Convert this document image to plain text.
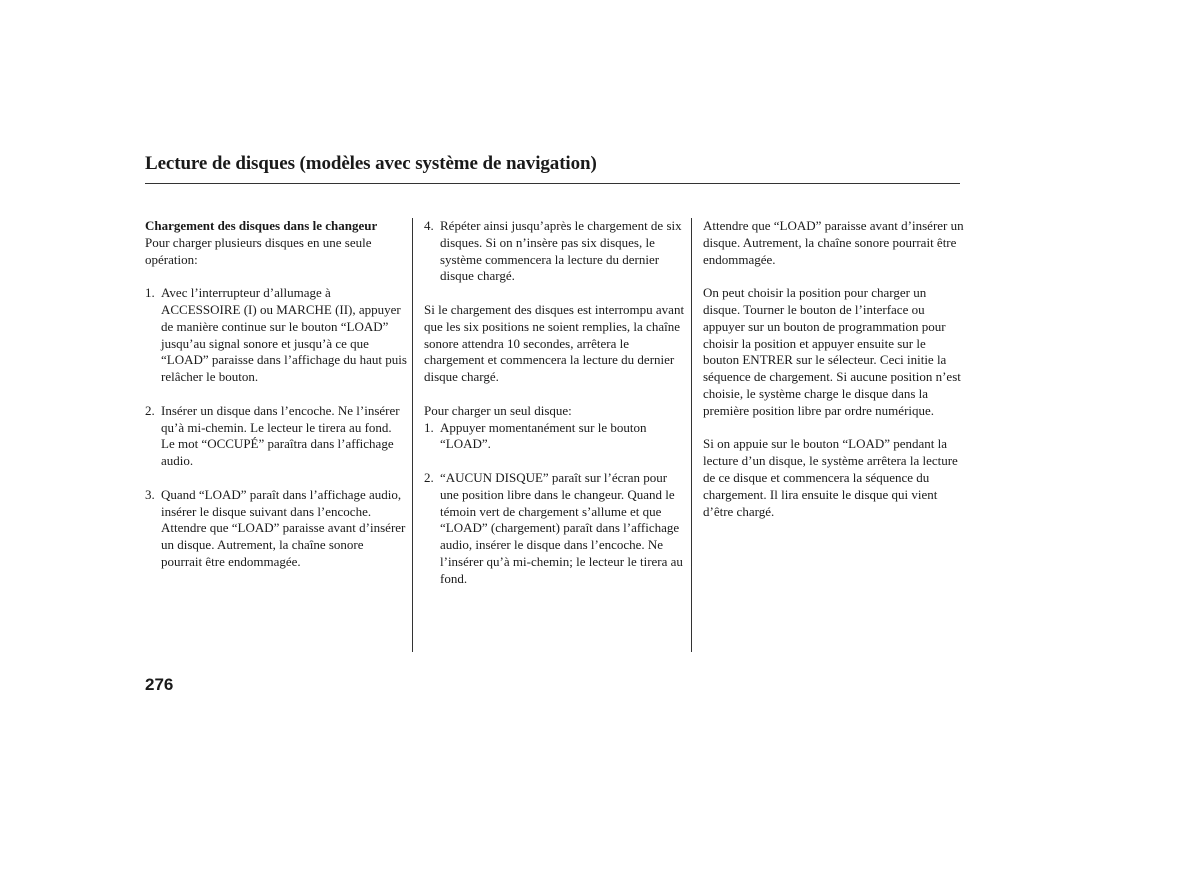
Lecture de disques (modèles avec système de navigation)
Chargement des disques dans le changeur

Pour charger plusieurs disques en une seule opération:

1. Avec l’interrupteur d’allumage à ACCESSOIRE (I) ou MARCHE (II), appuyer de manière continue sur le bouton “LOAD” jusqu’au signal sonore et jusqu’à ce que “LOAD” paraisse dans l’affichage du haut puis relâcher le bouton.
2. Insérer un disque dans l’encoche. Ne l’insérer qu’à mi-chemin. Le lecteur le tirera au fond. Le mot “OCCUPÉ” paraîtra dans l’affichage audio.
3. Quand “LOAD” paraît dans l’affichage audio, insérer le disque suivant dans l’encoche.
Attendre que “LOAD” paraisse avant d’insérer un disque. Autrement, la chaîne sonore pourrait être endommagée.
4. Répéter ainsi jusqu’après le chargement de six disques. Si on n’insère pas six disques, le système commencera la lecture du dernier disque chargé.

Si le chargement des disques est interrompu avant que les six positions ne soient remplies, la chaîne sonore attendra 10 secondes, arrêtera le chargement et commencera la lecture du dernier disque chargé.

Pour charger un seul disque:
1. Appuyer momentanément sur le bouton “LOAD”.
2. “AUCUN DISQUE” paraît sur l’écran pour une position libre dans le changeur. Quand le témoin vert de chargement s’allume et que “LOAD” (chargement) paraît dans l’affichage audio, insérer le disque dans l’encoche. Ne l’insérer qu’à mi-chemin; le lecteur le tirera au fond.

Attendre que “LOAD” paraisse avant d’insérer un disque. Autrement, la chaîne sonore pourrait être endommagée.

On peut choisir la position pour charger un disque. Tourner le bouton de l’interface ou appuyer sur un bouton de programmation pour choisir la position et appuyer ensuite sur le bouton ENTRER sur le sélecteur. Ceci initie la séquence de chargement. Si aucune position n’est choisie, le système charge le disque dans la première position libre par ordre numérique.

Si on appuie sur le bouton “LOAD” pendant la lecture d’un disque, le système arrêtera la lecture de ce disque et commencera la séquence du chargement. Il lira ensuite le disque qui vient d’être chargé.

276
